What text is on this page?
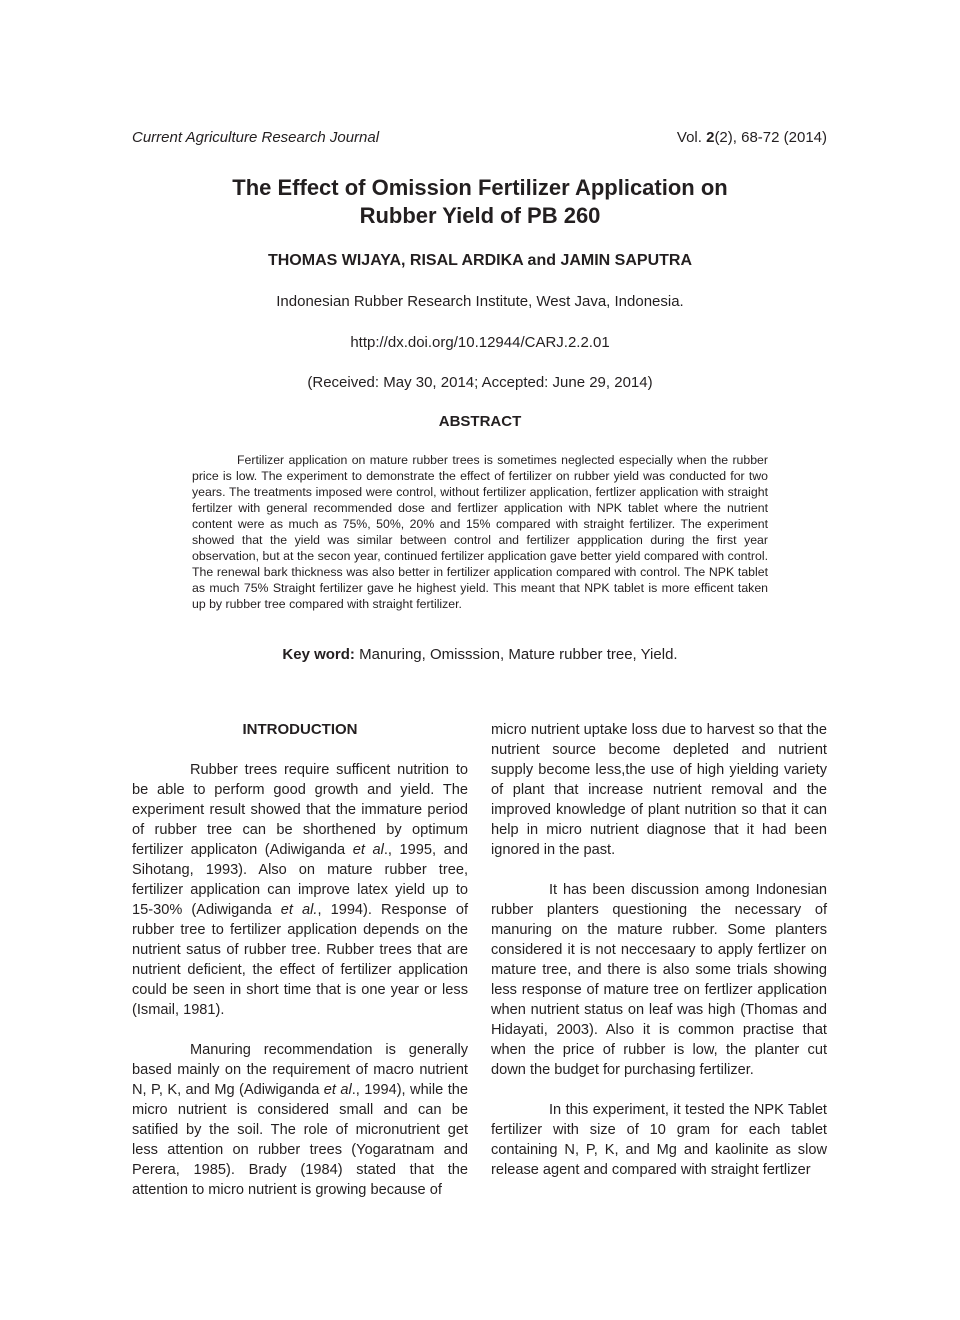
Current Agriculture Research Journal	Vol. 2(2), 68-72 (2014)
The Effect of Omission Fertilizer Application on
Rubber Yield of PB 260
THOMAS WIJAYA, RISAL ARDIKA and JAMIN SAPUTRA
Indonesian Rubber Research Institute, West Java, Indonesia.
http://dx.doi.org/10.12944/CARJ.2.2.01
(Received: May 30, 2014; Accepted: June 29, 2014)
ABSTRACT

Fertilizer application on mature rubber trees is sometimes neglected especially when the rubber price is low. The experiment to demonstrate the effect of fertilizer on rubber yield was conducted for two years. The treatments imposed were control, without fertilizer application, fertlizer application with straight fertilzer with general recommended dose and fertlizer application with NPK tablet where the nutrient content were as much as 75%, 50%, 20% and 15% compared with straight fertilizer. The experiment showed that the yield was similar between control and fertilizer appplication during the first year observation, but at the secon year, continued fertilizer application gave better yield compared with control. The renewal bark thickness was also better in fertilizer application compared with control. The NPK tablet as much 75% Straight fertilizer gave he highest yield. This meant that NPK tablet is more efficent taken up by rubber tree compared with straight fertilizer.

Key word: Manuring, Omisssion, Mature rubber tree, Yield.
INTRODUCTION

Rubber trees require sufficent nutrition to be able to perform good growth and yield. The experiment result showed that the immature period of rubber tree can be shorthened by optimum fertilizer applicaton (Adiwiganda et al., 1995, and Sihotang, 1993). Also on mature rubber tree, fertilizer application can improve latex yield up to 15-30% (Adiwiganda et al., 1994). Response of rubber tree to fertilizer application depends on the nutrient satus of rubber tree. Rubber trees that are nutrient deficient, the effect of fertilizer application could be seen in short time that is one year or less (Ismail, 1981).

Manuring recommendation is generally based mainly on the requirement of macro nutrient N, P, K, and Mg (Adiwiganda et al., 1994), while the micro nutrient is considered small and can be satified by the soil. The role of micronutrient get less attention on rubber trees (Yogaratnam and Perera, 1985). Brady (1984) stated that the attention to micro nutrient is growing because of

micro nutrient uptake loss due to harvest so that the nutrient source become depleted and nutrient supply become less,the use of high yielding variety of plant that increase nutrient removal and the improved knowledge of plant nutrition so that it can help in micro nutrient diagnose that it had been ignored in the past.

It has been discussion among Indonesian rubber planters questioning the necessary of manuring on the mature rubber. Some planters considered it is not neccesaary to apply fertlizer on mature tree, and there is also some trials showing less response of mature tree on fertlizer application when nutrient status on leaf was high (Thomas and Hidayati, 2003). Also it is common practise that when the price of rubber is low, the planter cut down the budget for purchasing fertilizer.

In this experiment, it tested the NPK Tablet fertilizer with size of 10 gram for each tablet containing N, P, K, and Mg and kaolinite as slow release agent and compared with straight fertlizer
